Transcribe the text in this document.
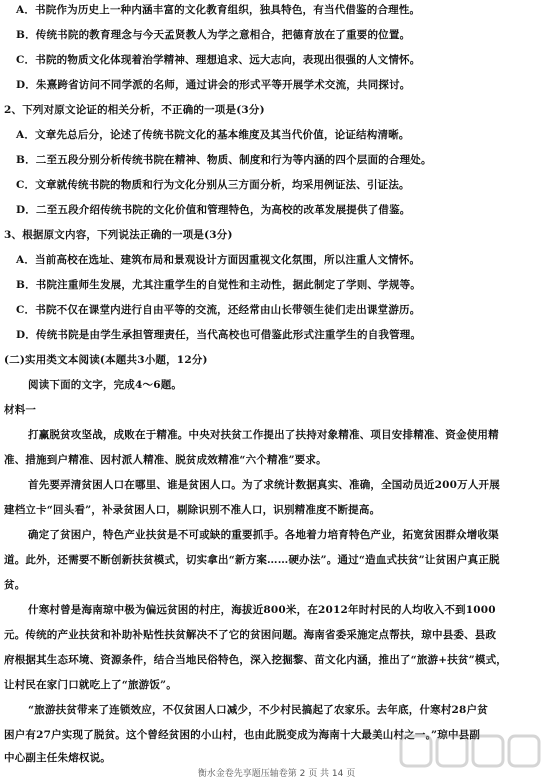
A．书院作为历史上一种内涵丰富的文化教育组织，独具特色，有当代借鉴的合理性。
B．传统书院的教育理念与今天孟贤教人为学之意相合，把德育放在了重要的位置。
C．书院的物质文化体现着治学精神、理想追求、远大志向，表现出很强的人文情怀。
D．朱熹跨省访问不同学派的名师，通过讲会的形式平等开展学术交流，共同探讨。
2、下列对原文论证的相关分析，不正确的一项是(3分)
A．文章先总后分，论述了传统书院文化的基本维度及其当代价值，论证结构清晰。
B．二至五段分别分析传统书院在精神、物质、制度和行为等内涵的四个层面的合理处。
C．文章就传统书院的物质和行为文化分别从三方面分析，均采用例证法、引证法。
D．二至五段介绍传统书院的文化价值和管理特色，为高校的改革发展提供了借鉴。
3、根据原文内容，下列说法正确的一项是(3分)
A．当前高校在选址、建筑布局和景观设计方面因重视文化氛围，所以注重人文情怀。
B．书院注重师生发展，尤其注重学生的自觉性和主动性，据此制定了学则、学规等。
C．书院不仅在课堂内进行自由平等的交流，还经常由山长带领生徒们走出课堂游历。
D．传统书院是由学生承担管理责任，当代高校也可借鉴此形式注重学生的自我管理。
(二)实用类文本阅读(本题共3小题，12分)
阅读下面的文字，完成4～6题。
材料一
打赢脱贫攻坚战，成败在于精准。中央对扶贫工作提出了扶持对象精准、项目安排精准、资金使用精
准、措施到户精准、因村派人精准、脱贫成效精准“六个精准”要求。
首先要弄清贫困人口在哪里、谁是贫困人口。为了求统计数据真实、准确，全国动员近200万人开展
建档立卡“回头看”，补录贫困人口，剔除识别不准人口，识别精准度不断提高。
确定了贫困户，特色产业扶贫是不可或缺的重要抓手。各地着力培育特色产业，拓宽贫困群众增收渠
道。此外，还需要不断创新扶贫模式，切实拿出“新方案……硬办法”。通过“造血式扶贫”让贫困户真正脱
贫。
什寒村曾是海南琼中极为偏远贫困的村庄，海拔近800米，在2012年时村民的人均收入不到1000
元。传统的产业扶贫和补助补贴性扶贫解决不了它的贫困问题。海南省委采施定点帮扶，琼中县委、县政
府根据其生态环境、资源条件，结合当地民俗特色，深入挖掘黎、苗文化内涵，推出了“旅游+扶贫”模式，
让村民在家门口就吃上了“旅游饭”。
“旅游扶贫带来了连锁效应，不仅贫困人口减少，不少村民搞起了农家乐。去年底，什寒村28户贫
困户有27户实现了脱贫。这个曾经贫困的小山村，也由此脱变成为海南十大最美山村之一。”琼中县副
中心副主任朱熔权说。
衡水金卷先享题压轴卷第 2 页 共 14 页
